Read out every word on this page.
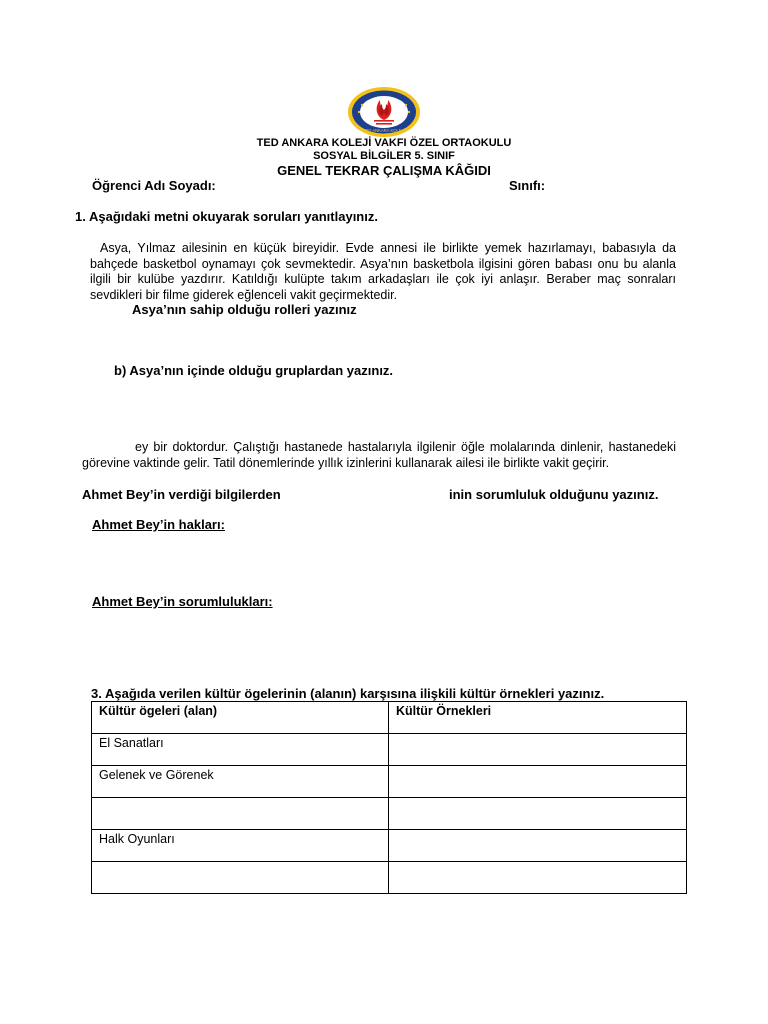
TED ANKARA KOLEJİ
TED ANKARA KOLEJİ VAKFI ÖZEL ORTAOKULU
SOSYAL BİLGİLER 5. SINIF
GENEL TEKRAR ÇALIŞMA KÂĞIDI
Öğrenci Adı Soyadı:	Sınıfı:
1. Aşağıdaki metni okuyarak soruları yanıtlayınız.
Asya, Yılmaz ailesinin en küçük bireyidir. Evde annesi ile birlikte yemek hazırlamayı, babasıyla da bahçede basketbol oynamayı çok sevmektedir. Asya’nın basketbola ilgisini gören babası onu bu alanla ilgili bir kulübe yazdırır. Katıldığı kulüpte takım arkadaşları ile çok iyi anlaşır. Beraber maç sonraları sevdikleri bir filme giderek eğlenceli vakit geçirmektedir.
Asya’nın sahip olduğu rolleri yazınız
b) Asya’nın içinde olduğu gruplardan yazınız.
ey bir doktordur. Çalıştığı hastanede hastalarıyla ilgilenir öğle molalarında dinlenir, hastanedeki görevine vaktinde gelir. Tatil dönemlerinde yıllık izinlerini kullanarak ailesi ile birlikte vakit geçirir.
Ahmet Bey’in verdiği bilgilerden	inin sorumluluk olduğunu yazınız.
Ahmet Bey’in hakları:
Ahmet Bey’in sorumlulukları:
3. Aşağıda verilen kültür ögelerinin (alanın) karşısına ilişkili kültür örnekleri yazınız.
Kültür ögeleri (alan)	Kültür Örnekleri
El Sanatları	
Gelenek ve Görenek	

Halk Oyunları	
